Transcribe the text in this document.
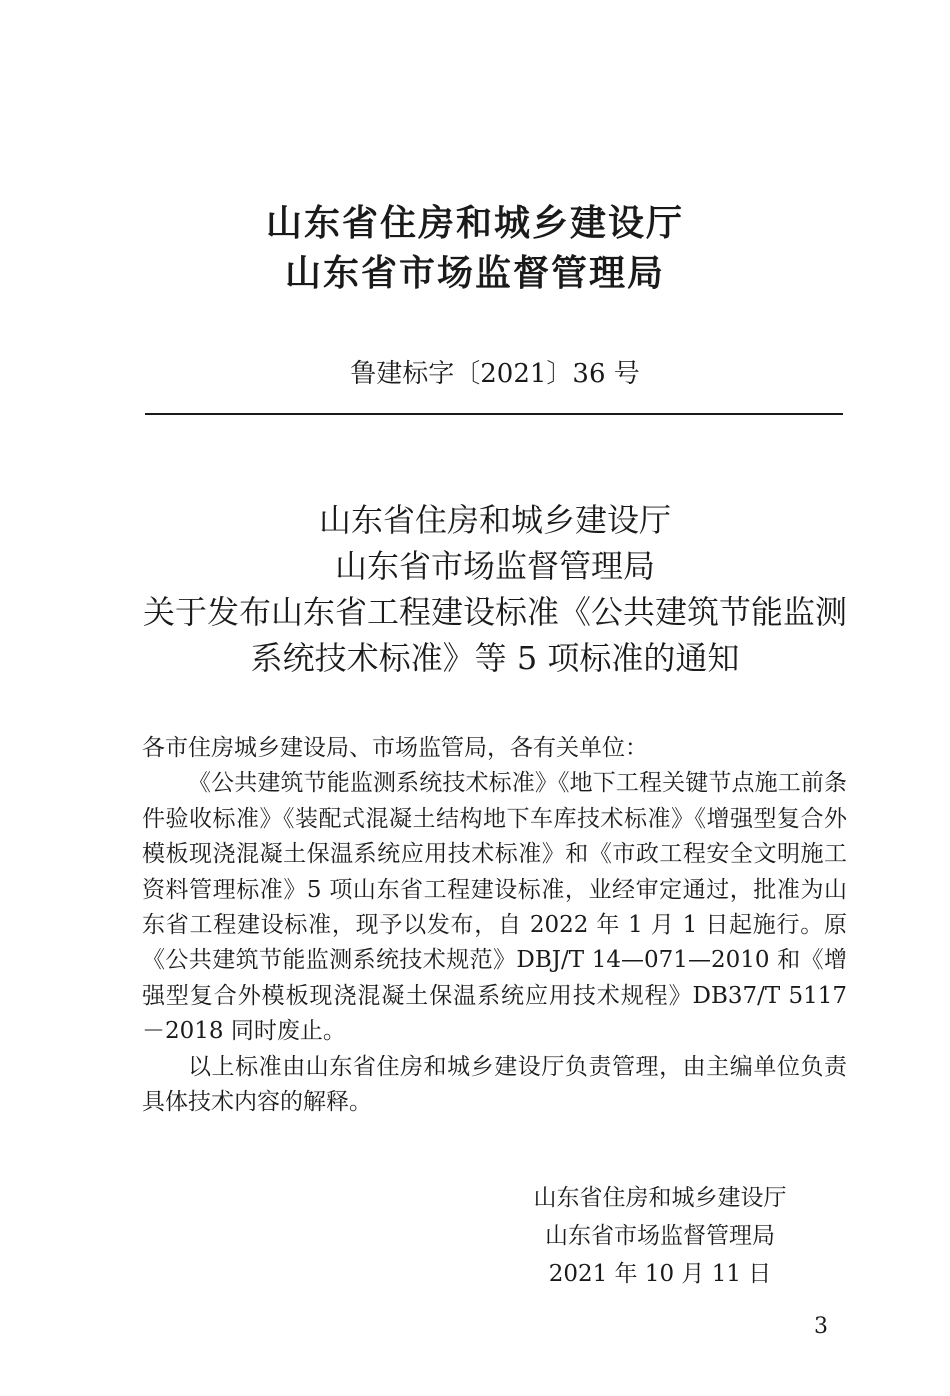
山东省住房和城乡建设厅
山东省市场监督管理局
鲁建标字〔2021〕36 号
山东省住房和城乡建设厅
山东省市场监督管理局
关于发布山东省工程建设标准《公共建筑节能监测
系统技术标准》等 5 项标准的通知

各市住房城乡建设局、市场监管局，各有关单位：

《公共建筑节能监测系统技术标准》《地下工程关键节点施工前条件验收标准》《装配式混凝土结构地下车库技术标准》《增强型复合外模板现浇混凝土保温系统应用技术标准》和《市政工程安全文明施工资料管理标准》5 项山东省工程建设标准，业经审定通过，批准为山东省工程建设标准，现予以发布，自 2022 年 1 月 1 日起施行。原《公共建筑节能监测系统技术规范》DBJ/T 14—071—2010 和《增强型复合外模板现浇混凝土保温系统应用技术规程》DB37/T 5117－2018 同时废止。

以上标准由山东省住房和城乡建设厅负责管理，由主编单位负责具体技术内容的解释。

山东省住房和城乡建设厅
山东省市场监督管理局
2021 年 10 月 11 日
3
